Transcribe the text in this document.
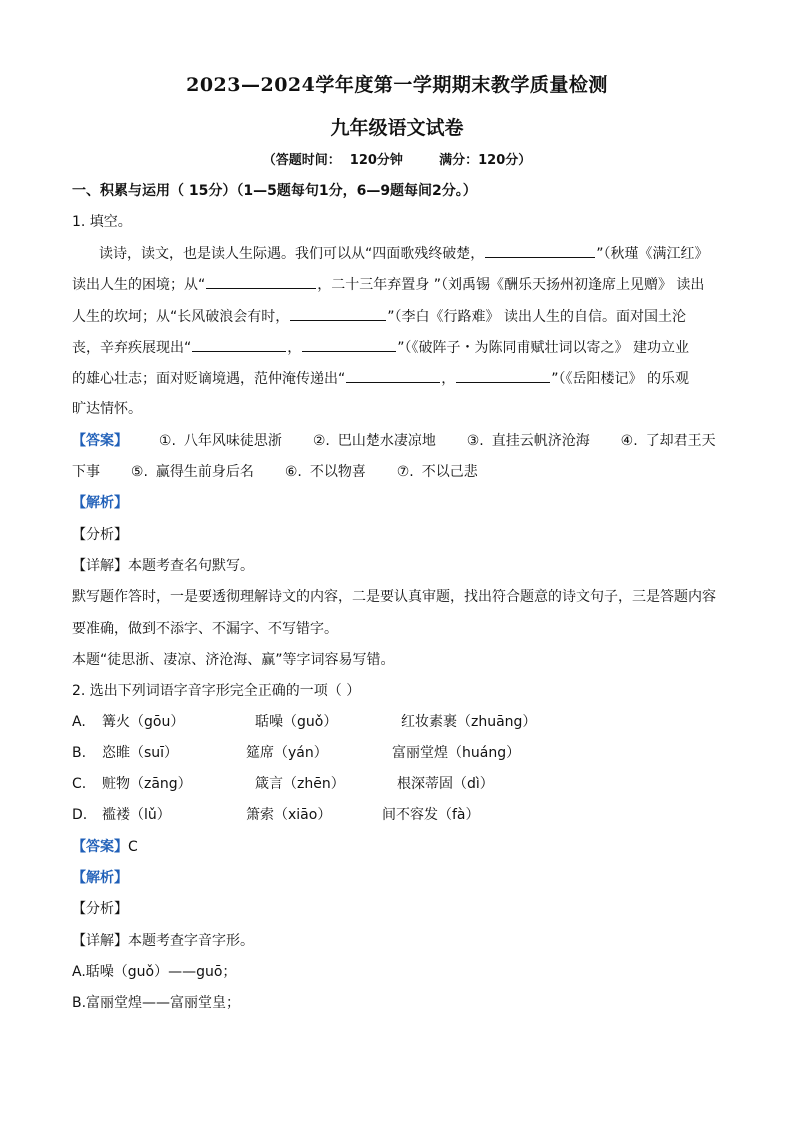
2023—2024学年度第一学期期末教学质量检测
九年级语文试卷
（答题时间：  120分钟        满分：120分）
一、积累与运用（ 15分）（1—5题每句1分，6—9题每间2分。）
1. 填空。
读诗，读文，也是读人生际遇。我们可以从“四面歌残终破楚，	”（秋瑾《满江红》
读出人生的困境；从“	，二十三年弃置身 ”（刘禹锡《酬乐天扬州初逢席上见赠》 读出
人生的坎坷；从“长风破浪会有时，	”（李白《行路难》 读出人生的自信。面对国土沦
丧，辛弃疾展现出“	，	”（《破阵子・为陈同甫赋壮词以寄之》 建功立业
的雄心壮志；面对贬谪境遇，范仲淹传递出“	，	”（《岳阳楼记》 的乐观
旷达情怀。
【答案】 ①. 八年风味徒思浙 ②. 巴山楚水凄凉地 ③. 直挂云帆济沧海 ④. 了却君王天
下事 ⑤. 赢得生前身后名 ⑥. 不以物喜 ⑦. 不以己悲
【解析】
【分析】
【详解】本题考查名句默写。
默写题作答时，一是要透彻理解诗文的内容，二是要认真审题，找出符合题意的诗文句子，三是答题内容
要准确，做到不添字、不漏字、不写错字。
本题“徒思浙、凄凉、济沧海、赢”等字词容易写错。
2. 选出下列词语字音字形完全正确的一项（ ）
A. 篝火（gōu）	聒噪（guǒ）	红妆素裹（zhuāng）
B. 恣睢（suī）	筵席（yán）	富丽堂煌（huáng）
C. 赃物（zāng）	箴言（zhēn）	根深蒂固（dì）
D. 褴褛（lǔ）	箫索（xiāo）	间不容发（fà）
【答案】C
【解析】
【分析】
【详解】本题考查字音字形。
A.聒噪（guǒ）——guō；
B.富丽堂煌——富丽堂皇；
